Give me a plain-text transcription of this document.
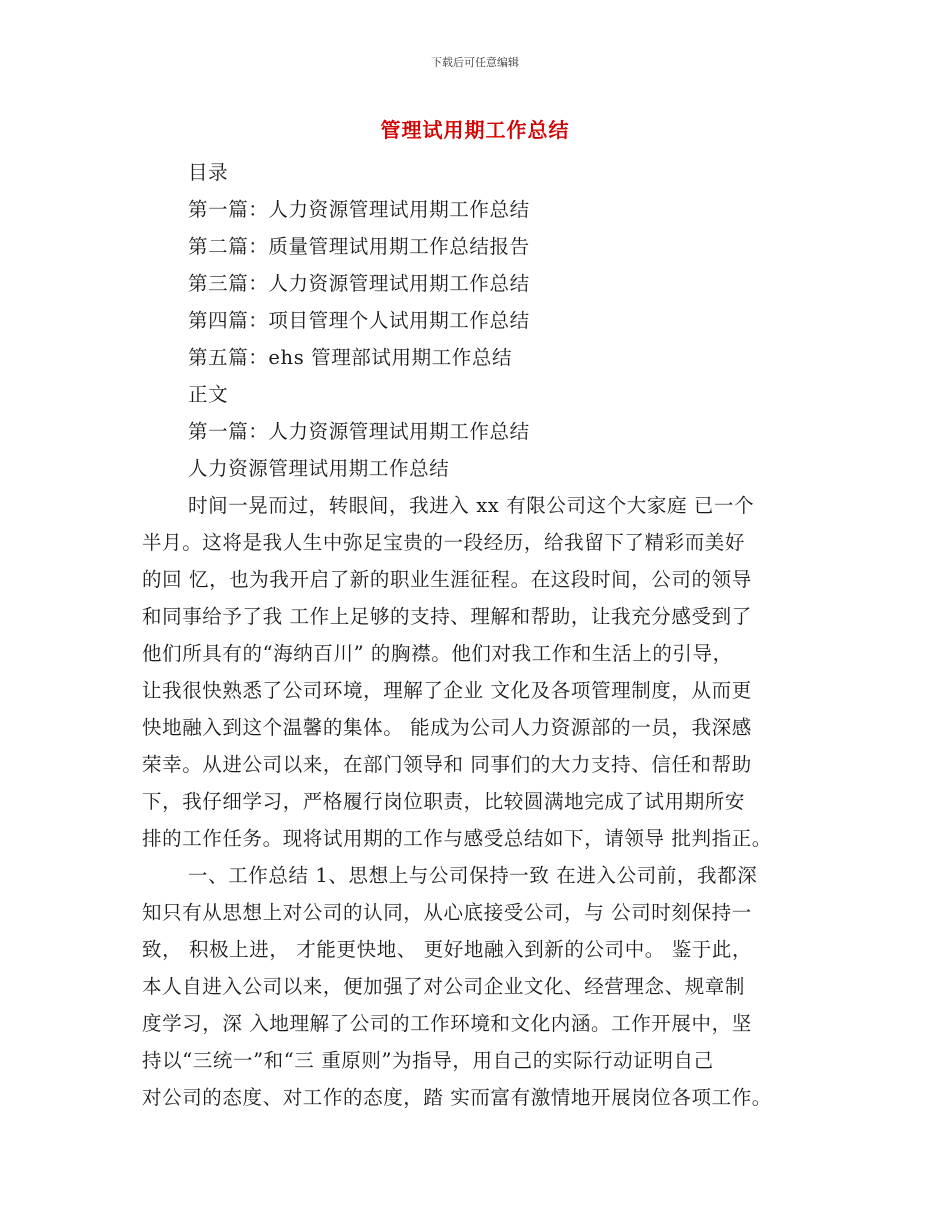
下载后可任意编辑
管理试用期工作总结
目录
第一篇：人力资源管理试用期工作总结
第二篇：质量管理试用期工作总结报告
第三篇：人力资源管理试用期工作总结
第四篇：项目管理个人试用期工作总结
第五篇：ehs 管理部试用期工作总结
正文
第一篇：人力资源管理试用期工作总结
人力资源管理试用期工作总结
时间一晃而过，转眼间，我进入 xx 有限公司这个大家庭 已一个
半月。这将是我人生中弥足宝贵的一段经历，给我留下了精彩而美好
的回 忆，也为我开启了新的职业生涯征程。在这段时间，公司的领导
和同事给予了我 工作上足够的支持、理解和帮助，让我充分感受到了
他们所具有的“海纳百川” 的胸襟。他们对我工作和生活上的引导，
让我很快熟悉了公司环境，理解了企业 文化及各项管理制度，从而更
快地融入到这个温馨的集体。 能成为公司人力资源部的一员，我深感
荣幸。从进公司以来，在部门领导和 同事们的大力支持、信任和帮助
下，我仔细学习，严格履行岗位职责，比较圆满地完成了试用期所安
排的工作任务。现将试用期的工作与感受总结如下，请领导 批判指正。
一、工作总结 1、思想上与公司保持一致 在进入公司前，我都深
知只有从思想上对公司的认同，从心底接受公司，与 公司时刻保持一
致， 积极上进， 才能更快地、 更好地融入到新的公司中。 鉴于此，
本人自进入公司以来，便加强了对公司企业文化、经营理念、规章制
度学习，深 入地理解了公司的工作环境和文化内涵。工作开展中，坚
持以“三统一”和“三 重原则”为指导，用自己的实际行动证明自己
对公司的态度、对工作的态度，踏 实而富有激情地开展岗位各项工作。
